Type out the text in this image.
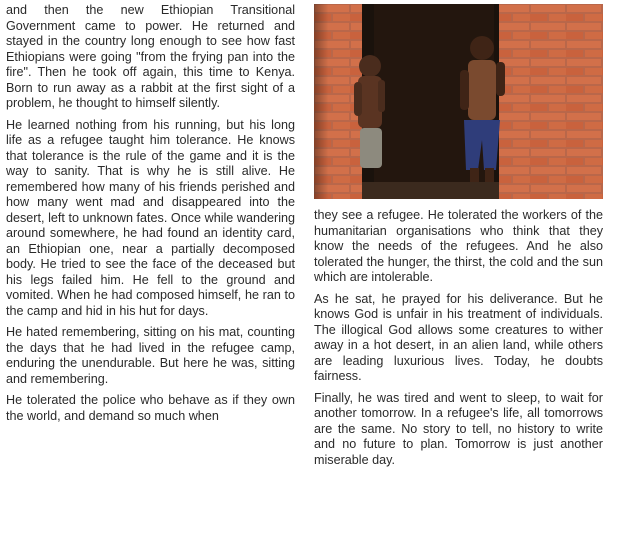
and then the new Ethiopian Transitional Government came to power. He returned and stayed in the country long enough to see how fast Ethiopians were going "from the frying pan into the fire". Then he took off again, this time to Kenya. Born to run away as a rabbit at the first sight of a problem, he thought to himself silently.

He learned nothing from his running, but his long life as a refugee taught him tolerance. He knows that tolerance is the rule of the game and it is the way to sanity. That is why he is still alive. He remembered how many of his friends perished and how many went mad and disappeared into the desert, left to unknown fates. Once while wandering around somewhere, he had found an identity card, an Ethiopian one, near a partially decomposed body. He tried to see the face of the deceased but his legs failed him. He fell to the ground and vomited. When he had composed himself, he ran to the camp and hid in his hut for days.

He hated remembering, sitting on his mat, counting the days that he had lived in the refugee camp, enduring the unendurable. But here he was, sitting and remembering.

He tolerated the police who behave as if they own the world, and demand so much when

they see a refugee. He tolerated the workers of the humanitarian organisations who think that they know the needs of the refugees. And he also tolerated the hunger, the thirst, the cold and the sun which are intolerable.

As he sat, he prayed for his deliverance. But he knows God is unfair in his treatment of individuals. The illogical God allows some creatures to wither away in a hot desert, in an alien land, while others are leading luxurious lives. Today, he doubts fairness.

Finally, he was tired and went to sleep, to wait for another tomorrow. In a refugee's life, all tomorrows are the same. No story to tell, no history to write and no future to plan. Tomorrow is just another miserable day.
